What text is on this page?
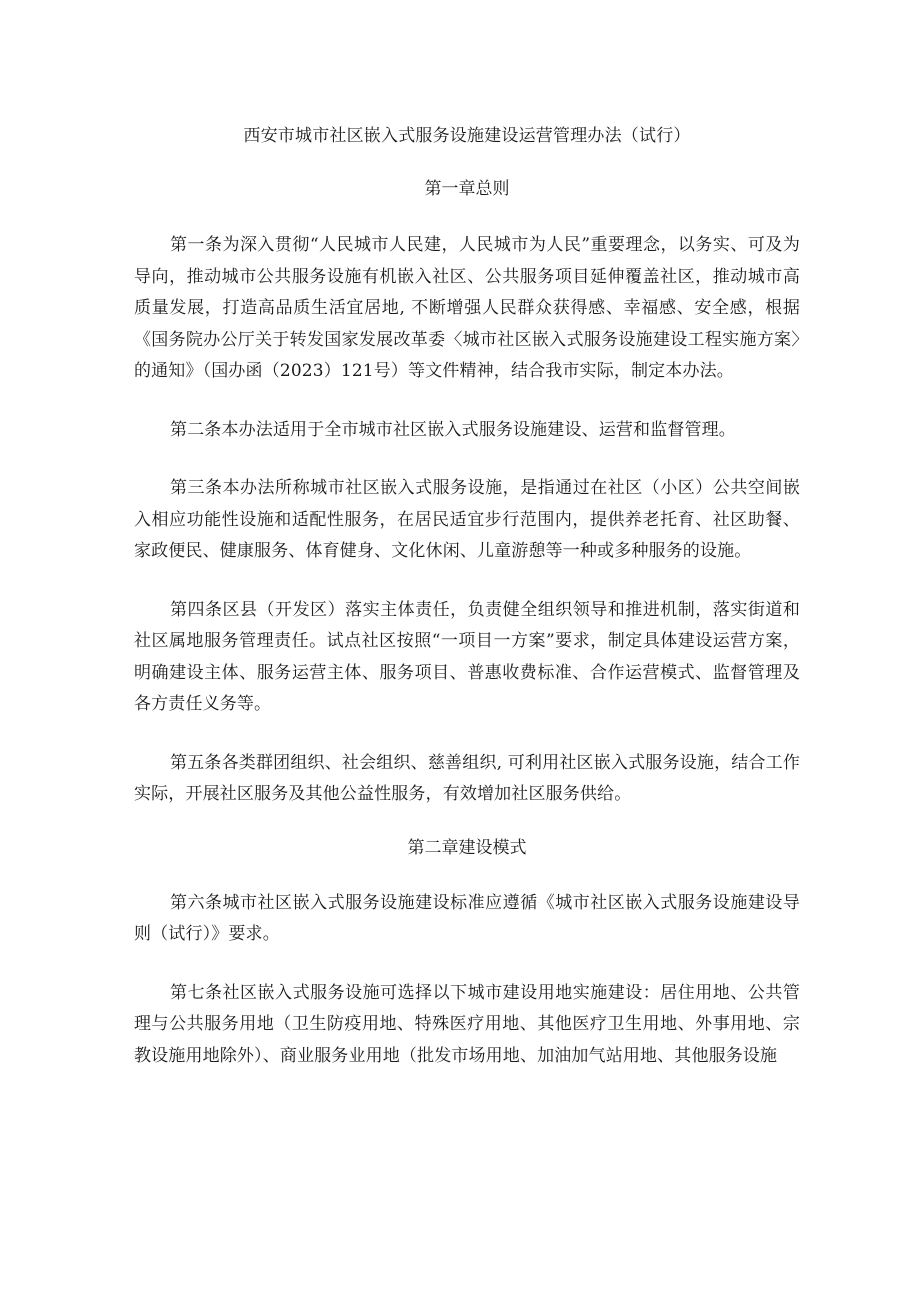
西安市城市社区嵌入式服务设施建设运营管理办法（试行）
第一章总则

第一条为深入贯彻“人民城市人民建，人民城市为人民”重要理念，以务实、可及为导向，推动城市公共服务设施有机嵌入社区、公共服务项目延伸覆盖社区，推动城市高质量发展，打造高品质生活宜居地, 不断增强人民群众获得感、幸福感、安全感，根据《国务院办公厅关于转发国家发展改革委〈城市社区嵌入式服务设施建设工程实施方案〉的通知》（国办函（2023）121号）等文件精神，结合我市实际，制定本办法。

第二条本办法适用于全市城市社区嵌入式服务设施建设、运营和监督管理。

第三条本办法所称城市社区嵌入式服务设施，是指通过在社区（小区）公共空间嵌入相应功能性设施和适配性服务，在居民适宜步行范围内，提供养老托育、社区助餐、家政便民、健康服务、体育健身、文化休闲、儿童游憩等一种或多种服务的设施。

第四条区县（开发区）落实主体责任，负责健全组织领导和推进机制，落实街道和社区属地服务管理责任。试点社区按照“一项目一方案”要求，制定具体建设运营方案，明确建设主体、服务运营主体、服务项目、普惠收费标准、合作运营模式、监督管理及各方责任义务等。

第五条各类群团组织、社会组织、慈善组织, 可利用社区嵌入式服务设施，结合工作实际，开展社区服务及其他公益性服务，有效增加社区服务供给。

第二章建设模式

第六条城市社区嵌入式服务设施建设标准应遵循《城市社区嵌入式服务设施建设导则（试行）》要求。

第七条社区嵌入式服务设施可选择以下城市建设用地实施建设：居住用地、公共管理与公共服务用地（卫生防疫用地、特殊医疗用地、其他医疗卫生用地、外事用地、宗教设施用地除外）、商业服务业用地（批发市场用地、加油加气站用地、其他服务设施
